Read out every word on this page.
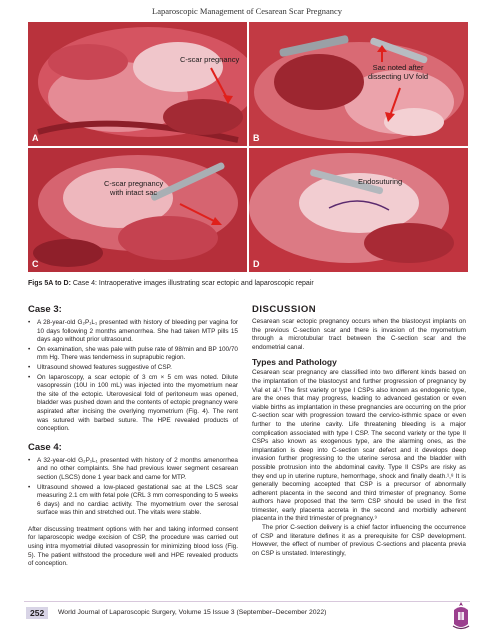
Laparoscopic Management of Cesarean Scar Pregnancy
A	B
C	D
C-scar pregnancy
Sac noted after
dissecting UV fold
C-scar pregnancy
with intact sac
Endosuturing
Figs 5A to D: Case 4: Intraoperative images illustrating scar ectopic and laparoscopic repair
Case 3:
• A 28-year-old G₂P₁L₁ presented with history of bleeding per vagina for 10 days following 2 months amenorrhea. She had taken MTP pills 15 days ago without prior ultrasound.
• On examination, she was pale with pulse rate of 98/min and BP 100/70 mm Hg. There was tenderness in suprapubic region.
• Ultrasound showed features suggestive of CSP.
• On laparoscopy, a scar ectopic of 3 cm × 5 cm was noted. Dilute vasopressin (10U in 100 mL) was injected into the myometrium near the site of the ectopic. Uterovesical fold of peritoneum was opened, bladder was pushed down and the contents of ectopic pregnancy were aspirated after incising the overlying myometrium (Fig. 4). The rent was sutured with barbed suture. The HPE revealed products of conception.
Case 4:
• A 32-year-old G₂P₁L₁ presented with history of 2 months amenorrhea and no other complaints. She had previous lower segment cesarean section (LSCS) done 1 year back and came for MTP.
• Ultrasound showed a low-placed gestational sac at the LSCS scar measuring 2.1 cm with fetal pole (CRL 3 mm corresponding to 5 weeks 6 days) and no cardiac activity. The myometrium over the serosal surface was thin and stretched out. The vitals were stable.

After discussing treatment options with her and taking informed consent for laparoscopic wedge excision of CSP, the procedure was carried out using intra myometrial diluted vasopressin for minimizing blood loss (Fig. 5). The patient withstood the procedure well and HPE revealed products of conception.

DISCUSSION

Cesarean scar ectopic pregnancy occurs when the blastocyst implants on the previous C-section scar and there is invasion of the myometrium through a microtubular tract between the C-section scar and the endometrial canal.

Types and Pathology

Cesarean scar pregnancy are classified into two different kinds based on the implantation of the blastocyst and further progression of pregnancy by Vial et al.¹ The first variety or type I CSPs also known as endogenic type, are the ones that may progress, leading to advanced gestation or even viable births as implantation in these pregnancies are occurring on the prior C-section scar with progression toward the cervico-isthmic space or even further to the uterine cavity. Life threatening bleeding is a major complication associated with type I CSP. The second variety or the type II CSPs also known as exogenous type, are the alarming ones, as the implantation is deep into C-section scar defect and it develops deep invasion further progressing to the uterine serosa and the bladder with possible protrusion into the abdominal cavity. Type II CSPs are risky as they end up in uterine rupture, hemorrhage, shock and finally death.¹,⁸ It is generally becoming accepted that CSP is a precursor of abnormally adherent placenta in the second and third trimester of pregnancy. Some authors have proposed that the term CSP should be used in the first trimester, early placenta accreta in the second and morbidly adherent placenta in the third trimester of pregnancy.⁹

The prior C-section delivery is a chief factor influencing the occurrence of CSP and literature defines it as a prerequisite for CSP development. However, the effect of number of previous C-sections and placenta previa on CSP is unstated. Interestingly,

252	World Journal of Laparoscopic Surgery, Volume 15 Issue 3 (September–December 2022)
